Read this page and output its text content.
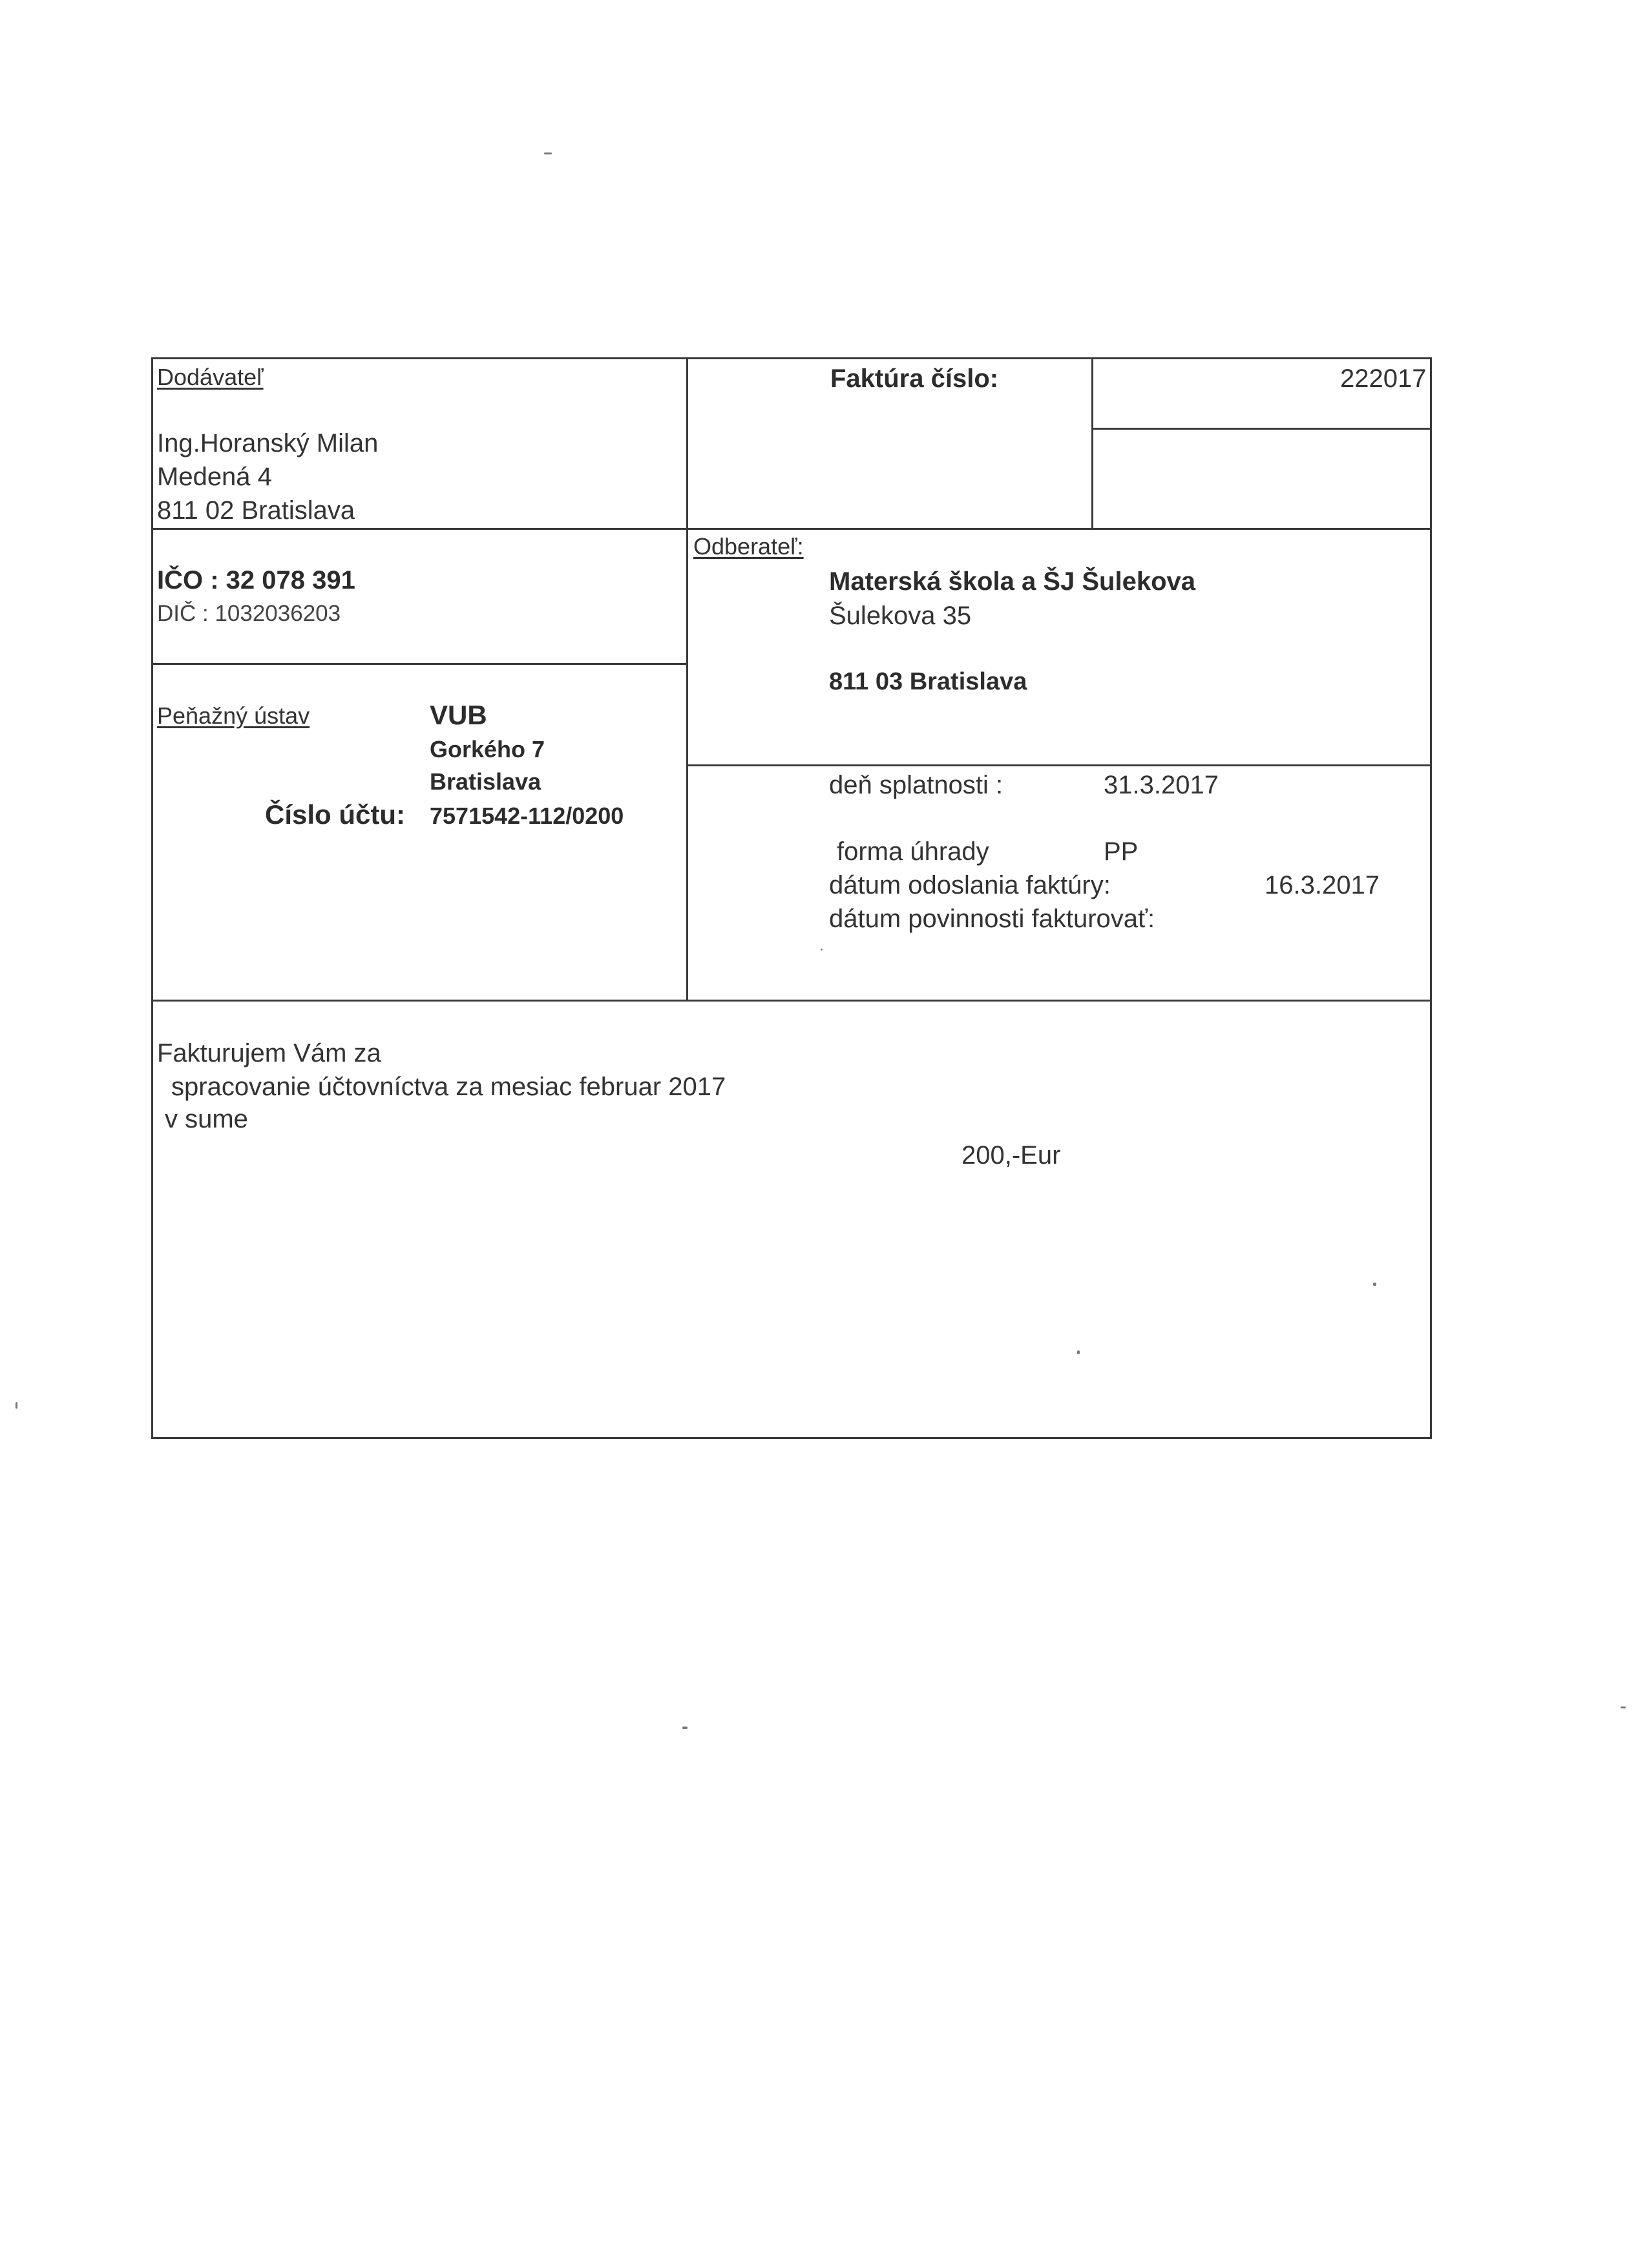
Dodávateľ
Ing.Horanský Milan
Medená 4
811 02 Bratislava
IČO : 32 078 391
DIČ : 1032036203
Peňažný ústav	VUB
Gorkého 7
Bratislava
Číslo účtu: 7571542-112/0200
Faktúra číslo:	222017
Odberateľ:
Materská škola a ŠJ Šulekova
Šulekova 35
811 03 Bratislava
deň splatnosti :	31.3.2017
forma úhrady	PP
dátum odoslania faktúry:	16.3.2017
dátum povinnosti fakturovať:
Fakturujem Vám za
spracovanie účtovníctva za mesiac februar 2017
v sume
200,-Eur
